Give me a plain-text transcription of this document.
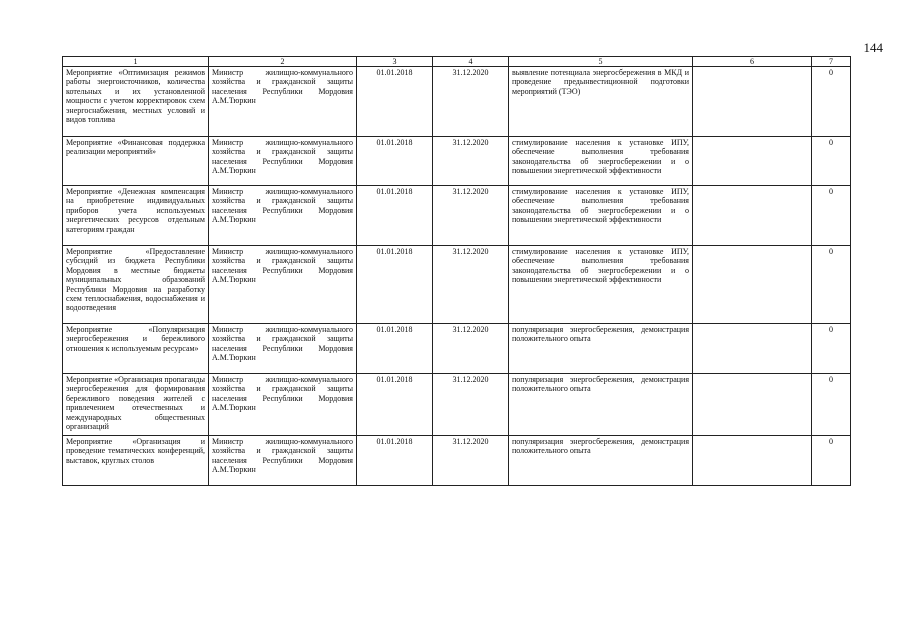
144
1	2	3	4	5	6	7
Мероприятие «Оптимизация режимов работы энергоисточников, количества котельных и их установленной мощности с учетом корректировок схем энергоснабжения, местных условий и видов топлива	Министр жилищно-коммунального хозяйства и гражданской защиты населения Республики Мордовия А.М.Тюркин	01.01.2018	31.12.2020	выявление потенциала энергосбережения в МКД и проведение предынвестиционной подготовки мероприятий (ТЭО)		0
Мероприятие «Финансовая поддержка реализации мероприятий»	Министр жилищно-коммунального хозяйства и гражданской защиты населения Республики Мордовия А.М.Тюркин	01.01.2018	31.12.2020	стимулирование населения к установке ИПУ, обеспечение выполнения требования законодательства об энергосбережении и о повышении энергетической эффективности		0
Мероприятие «Денежная компенсация на приобретение индивидуальных приборов учета используемых энергетических ресурсов отдельным категориям граждан	Министр жилищно-коммунального хозяйства и гражданской защиты населения Республики Мордовия А.М.Тюркин	01.01.2018	31.12.2020	стимулирование населения к установке ИПУ, обеспечение выполнения требования законодательства об энергосбережении и о повышении энергетической эффективности		0
Мероприятие «Предоставление субсидий из бюджета Республики Мордовия в местные бюджеты муниципальных образований Республики Мордовия на разработку схем теплоснабжения, водоснабжения и водоотведения	Министр жилищно-коммунального хозяйства и гражданской защиты населения Республики Мордовия А.М.Тюркин	01.01.2018	31.12.2020	стимулирование населения к установке ИПУ, обеспечение выполнения требования законодательства об энергосбережении и о повышении энергетической эффективности		0
Мероприятие «Популяризация энергосбережения и бережливого отношения к используемым ресурсам»	Министр жилищно-коммунального хозяйства и гражданской защиты населения Республики Мордовия А.М.Тюркин	01.01.2018	31.12.2020	популяризация энергосбережения, демонстрация положительного опыта		0
Мероприятие «Организация пропаганды энергосбережения для формирования бережливого поведения жителей с привлечением отечественных и международных общественных организаций	Министр жилищно-коммунального хозяйства и гражданской защиты населения Республики Мордовия А.М.Тюркин	01.01.2018	31.12.2020	популяризация энергосбережения, демонстрация положительного опыта		0
Мероприятие «Организация и проведение тематических конференций, выставок, круглых столов	Министр жилищно-коммунального хозяйства и гражданской защиты населения Республики Мордовия А.М.Тюркин	01.01.2018	31.12.2020	популяризация энергосбережения, демонстрация положительного опыта		0
